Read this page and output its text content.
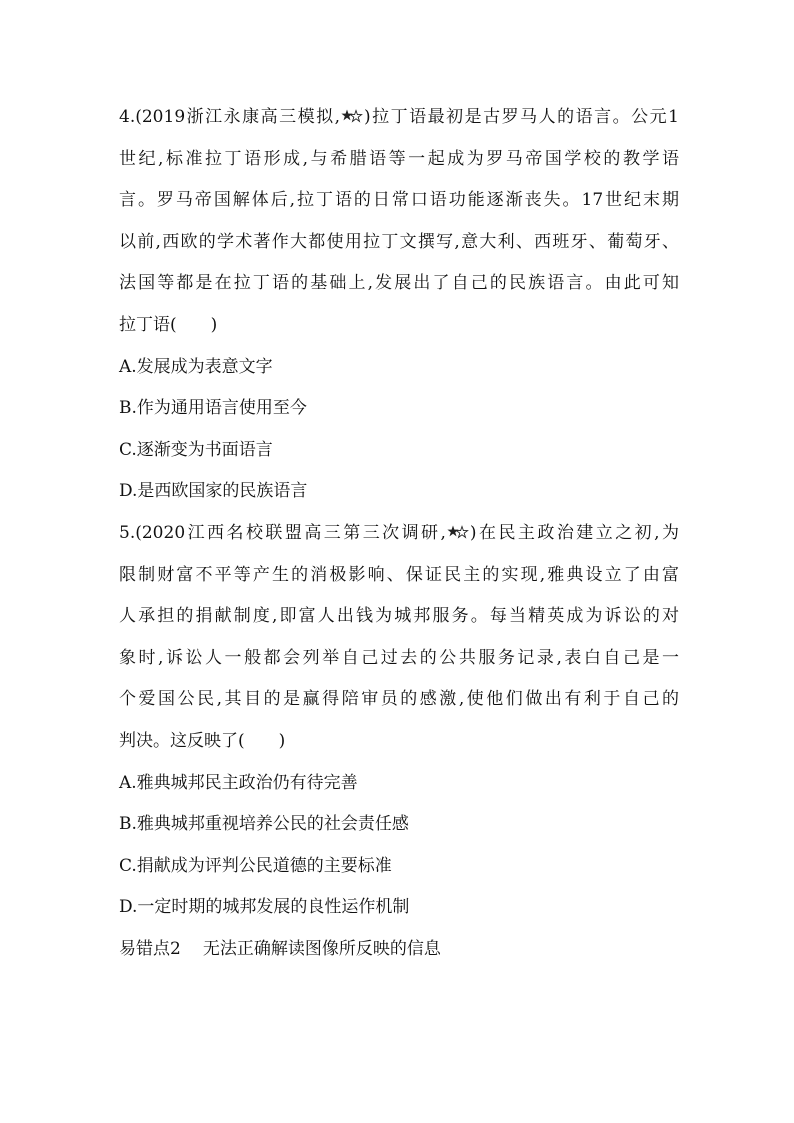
4.(2019浙江永康高三模拟, )拉丁语最初是古罗马人的语言。公元1
世纪,标准拉丁语形成,与希腊语等一起成为罗马帝国学校的教学语
言。罗马帝国解体后,拉丁语的日常口语功能逐渐丧失。17世纪末期
以前,西欧的学术著作大都使用拉丁文撰写,意大利、西班牙、葡萄牙、
法国等都是在拉丁语的基础上,发展出了自己的民族语言。由此可知
拉丁语(　　)
A.发展成为表意文字
B.作为通用语言使用至今
C.逐渐变为书面语言
D.是西欧国家的民族语言
5.(2020江西名校联盟高三第三次调研, )在民主政治建立之初,为
限制财富不平等产生的消极影响、保证民主的实现,雅典设立了由富
人承担的捐献制度,即富人出钱为城邦服务。每当精英成为诉讼的对
象时,诉讼人一般都会列举自己过去的公共服务记录,表白自己是一
个爱国公民,其目的是赢得陪审员的感激,使他们做出有利于自己的
判决。这反映了(　　)
A.雅典城邦民主政治仍有待完善
B.雅典城邦重视培养公民的社会责任感
C.捐献成为评判公民道德的主要标准
D.一定时期的城邦发展的良性运作机制
易错点2 无法正确解读图像所反映的信息
